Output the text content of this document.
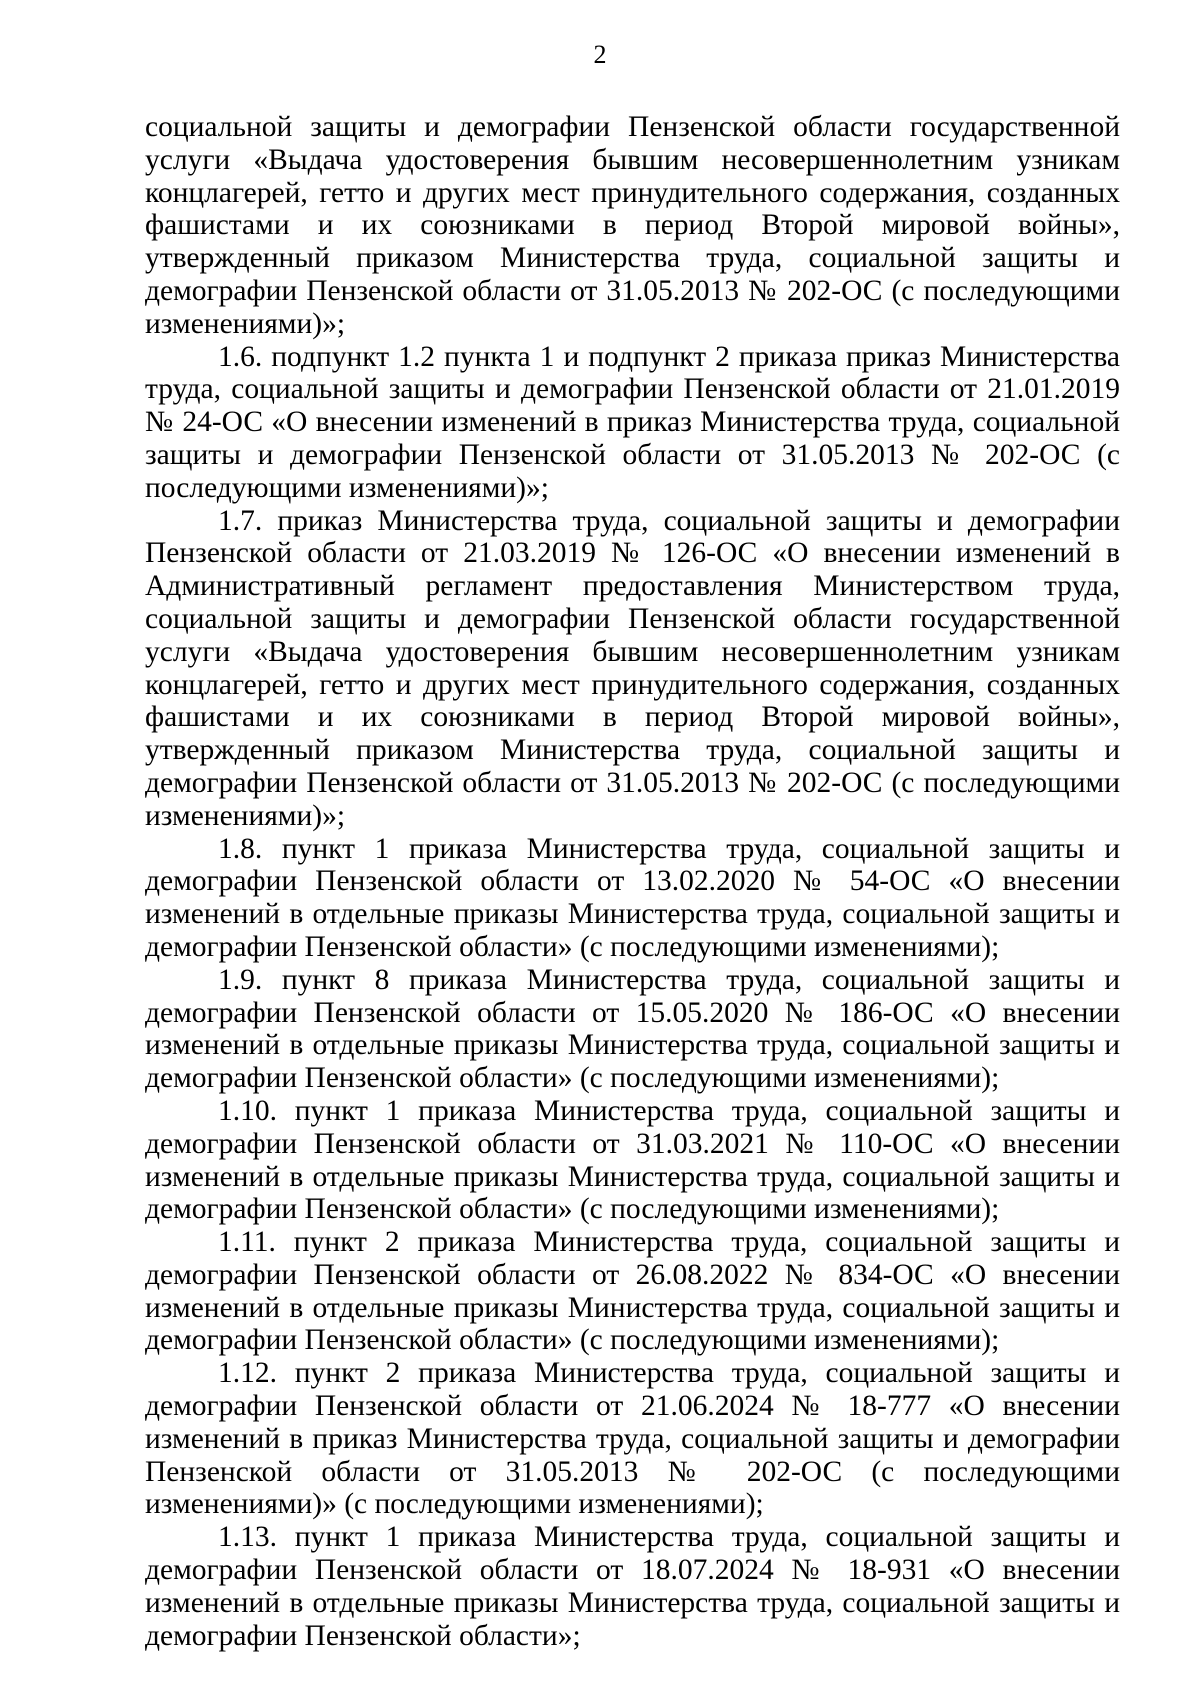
2

социальной защиты и демографии Пензенской области государственной услуги «Выдача удостоверения бывшим несовершеннолетним узникам концлагерей, гетто и других мест принудительного содержания, созданных фашистами и их союзниками в период Второй мировой войны», утвержденный приказом Министерства труда, социальной защиты и демографии Пензенской области от 31.05.2013 № 202-ОС (с последующими изменениями)»;

1.6. подпункт 1.2 пункта 1 и подпункт 2 приказа приказ Министерства труда, социальной защиты и демографии Пензенской области от 21.01.2019 № 24-ОС «О внесении изменений в приказ Министерства труда, социальной защиты и демографии Пензенской области от 31.05.2013 № 202-ОС (с последующими изменениями)»;

1.7. приказ Министерства труда, социальной защиты и демографии Пензенской области от 21.03.2019 № 126-ОС «О внесении изменений в Административный регламент предоставления Министерством труда, социальной защиты и демографии Пензенской области государственной услуги «Выдача удостоверения бывшим несовершеннолетним узникам концлагерей, гетто и других мест принудительного содержания, созданных фашистами и их союзниками в период Второй мировой войны», утвержденный приказом Министерства труда, социальной защиты и демографии Пензенской области от 31.05.2013 № 202-ОС (с последующими изменениями)»;

1.8. пункт 1 приказа Министерства труда, социальной защиты и демографии Пензенской области от 13.02.2020 № 54-ОС «О внесении изменений в отдельные приказы Министерства труда, социальной защиты и демографии Пензенской области» (с последующими изменениями);

1.9. пункт 8 приказа Министерства труда, социальной защиты и демографии Пензенской области от 15.05.2020 № 186-ОС «О внесении изменений в отдельные приказы Министерства труда, социальной защиты и демографии Пензенской области» (с последующими изменениями);

1.10. пункт 1 приказа Министерства труда, социальной защиты и демографии Пензенской области от 31.03.2021 № 110-ОС «О внесении изменений в отдельные приказы Министерства труда, социальной защиты и демографии Пензенской области» (с последующими изменениями);

1.11. пункт 2 приказа Министерства труда, социальной защиты и демографии Пензенской области от 26.08.2022 № 834-ОС «О внесении изменений в отдельные приказы Министерства труда, социальной защиты и демографии Пензенской области» (с последующими изменениями);

1.12. пункт 2 приказа Министерства труда, социальной защиты и демографии Пензенской области от 21.06.2024 № 18-777 «О внесении изменений в приказ Министерства труда, социальной защиты и демографии Пензенской области от 31.05.2013 № 202-ОС (с последующими изменениями)» (с последующими изменениями);

1.13. пункт 1 приказа Министерства труда, социальной защиты и демографии Пензенской области от 18.07.2024 № 18-931 «О внесении изменений в отдельные приказы Министерства труда, социальной защиты и демографии Пензенской области»;
